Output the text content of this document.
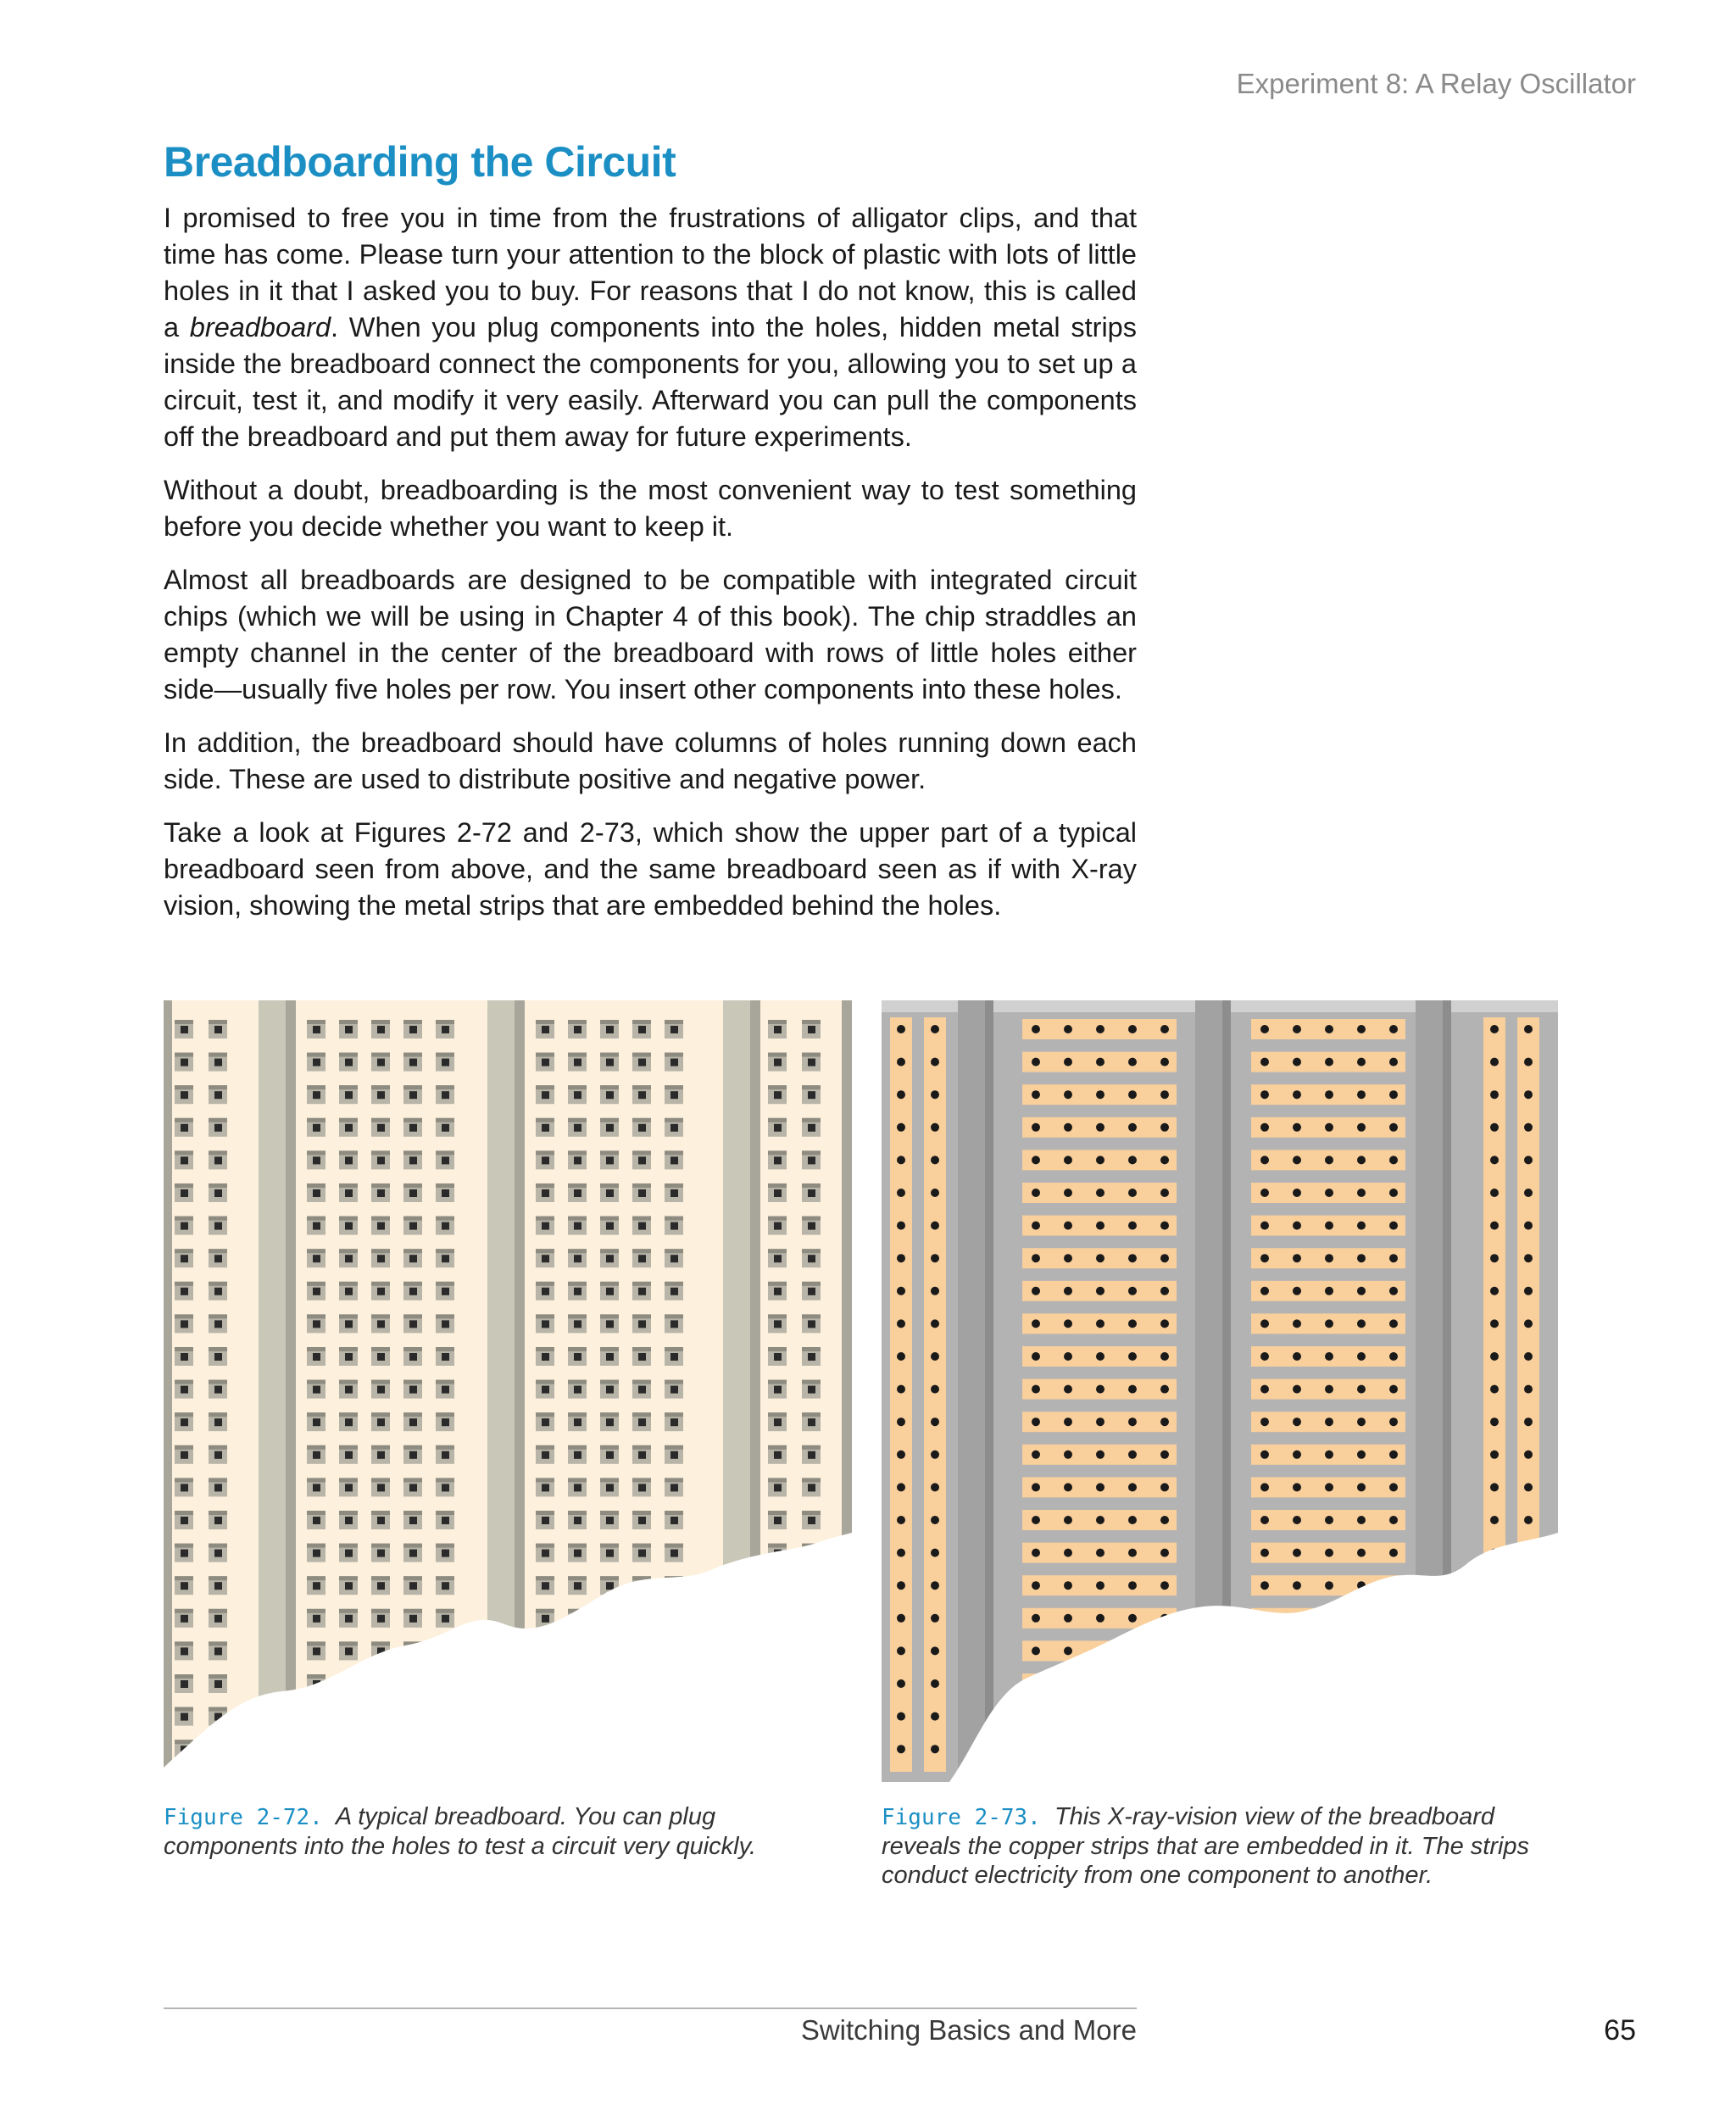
Experiment 8: A Relay Oscillator
Breadboarding the Circuit

I promised to free you in time from the frustrations of alligator clips, and that time has come. Please turn your attention to the block of plastic with lots of little holes in it that I asked you to buy. For reasons that I do not know, this is called a breadboard. When you plug components into the holes, hidden metal strips inside the breadboard connect the components for you, allowing you to set up a circuit, test it, and modify it very easily. Afterward you can pull the components off the breadboard and put them away for future experiments.

Without a doubt, breadboarding is the most convenient way to test something before you decide whether you want to keep it.

Almost all breadboards are designed to be compatible with integrated circuit chips (which we will be using in Chapter 4 of this book). The chip straddles an empty channel in the center of the breadboard with rows of little holes either side—usually five holes per row. You insert other components into these holes.

In addition, the breadboard should have columns of holes running down each side. These are used to distribute positive and negative power.

Take a look at Figures 2-72 and 2-73, which show the upper part of a typical breadboard seen from above, and the same breadboard seen as if with X-ray vision, showing the metal strips that are embedded behind the holes.

Figure 2-72. A typical breadboard. You can plug components into the holes to test a circuit very quickly.
Figure 2-73. This X-ray-vision view of the breadboard reveals the copper strips that are embedded in it. The strips conduct electricity from one component to another.
Switching Basics and More	65
